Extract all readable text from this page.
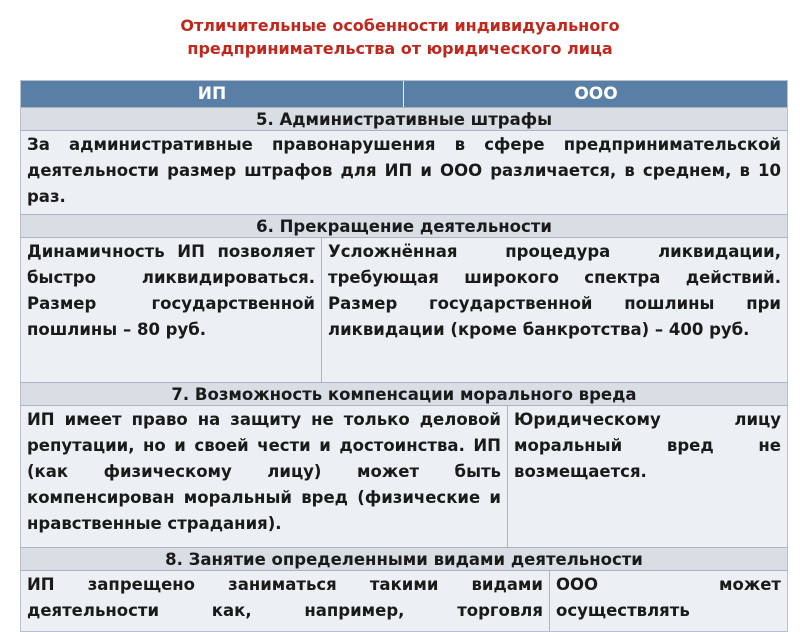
Отличительные особенности индивидуального
предпринимательства от юридического лица
ИП	ООО
5. Административные штрафы
За административные правонарушения в сфере предпринимательской деятельности размер штрафов для ИП и ООО различается, в среднем, в 10 раз.
6. Прекращение деятельности
Динамичность ИП позволяет быстро ликвидироваться. Размер государственной пошлины – 80 руб.
Усложнённая процедура ликвидации, требующая широкого спектра действий. Размер государственной пошлины при ликвидации (кроме банкротства) – 400 руб.
7. Возможность компенсации морального вреда
ИП имеет право на защиту не только деловой репутации, но и своей чести и достоинства. ИП (как физическому лицу) может быть компенсирован моральный вред (физические и нравственные страдания).
Юридическому лицу моральный вред не возмещается.
8. Занятие определенными видами деятельности
ИП запрещено заниматься такими видами деятельности как, например, торговля
ООО может осуществлять
